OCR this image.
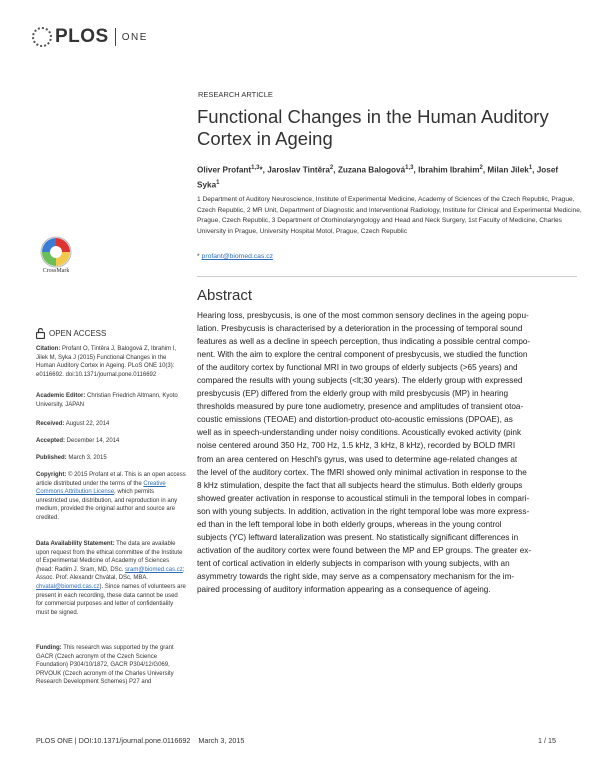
PLOS ONE
RESEARCH ARTICLE
Functional Changes in the Human Auditory Cortex in Ageing
Oliver Profant$^{1,3}$*, Jaroslav Tintěra$^2$, Zuzana Balogová$^{1,3}$, Ibrahim Ibrahim$^2$, Milan Jilek$^1$, Josef Syka$^1$
1 Department of Auditory Neuroscience, Institute of Experimental Medicine, Academy of Sciences of the Czech Republic, Prague, Czech Republic, 2 MR Unit, Department of Diagnostic and Interventional Radiology, Institute for Clinical and Experimental Medicine, Prague, Czech Republic, 3 Department of Otorhinolaryngology and Head and Neck Surgery, 1st Faculty of Medicine, Charles University in Prague, University Hospital Motol, Prague, Czech Republic
* profant@biomed.cas.cz
Abstract
Hearing loss, presbycusis, is one of the most common sensory declines in the ageing popu-
lation. Presbycusis is characterised by a deterioration in the processing of temporal sound
features as well as a decline in speech perception, thus indicating a possible central compo-
nent. With the aim to explore the central component of presbycusis, we studied the function
of the auditory cortex by functional MRI in two groups of elderly subjects (>65 years) and
compared the results with young subjects (<lt;30 years). The elderly group with expressed
presbycusis (EP) differed from the elderly group with mild presbycusis (MP) in hearing
thresholds measured by pure tone audiometry, presence and amplitudes of transient otoa-
coustic emissions (TEOAE) and distortion-product oto-acoustic emissions (DPOAE), as
well as in speech-understanding under noisy conditions. Acoustically evoked activity (pink
noise centered around 350 Hz, 700 Hz, 1.5 kHz, 3 kHz, 8 kHz), recorded by BOLD fMRI
from an area centered on Heschl's gyrus, was used to determine age-related changes at
the level of the auditory cortex. The fMRI showed only minimal activation in response to the
8 kHz stimulation, despite the fact that all subjects heard the stimulus. Both elderly groups
showed greater activation in response to acoustical stimuli in the temporal lobes in compari-
son with young subjects. In addition, activation in the right temporal lobe was more express-
ed than in the left temporal lobe in both elderly groups, whereas in the young control
subjects (YC) leftward lateralization was present. No statistically significant differences in
activation of the auditory cortex were found between the MP and EP groups. The greater ex-
tent of cortical activation in elderly subjects in comparison with young subjects, with an
asymmetry towards the right side, may serve as a compensatory mechanism for the im-
paired processing of auditory information appearing as a consequence of ageing.
CrossMark
OPEN ACCESS
Citation: Profant O, Tintěra J, Balogová Z, Ibrahim I, Jilek M, Syka J (2015) Functional Changes in the Human Auditory Cortex in Ageing. PLoS ONE 10(3): e0116692. doi:10.1371/journal.pone.0116692
Academic Editor: Christian Friedrich Altmann, Kyoto University, JAPAN
Received: August 22, 2014
Accepted: December 14, 2014
Published: March 3, 2015
Copyright: © 2015 Profant et al. This is an open access article distributed under the terms of the Creative Commons Attribution License, which permits unrestricted use, distribution, and reproduction in any medium, provided the original author and source are credited.
Data Availability Statement: The data are available upon request from the ethical committee of the Institute of Experimental Medicine of Academy of Sciences (head: Radim J. Sram, MD, DSc. sram@biomed.cas.cz; Assoc. Prof. Alexandr Chvátal, DSc, MBA. chvatal@biomed.cas.cz). Since names of volunteers are present in each recording, these data cannot be used for commercial purposes and letter of confidentiality must be signed.
Funding: This research was supported by the grant GACR (Czech acronym of the Czech Science Foundation) P304/10/1872, GACR P304/12/G069, PRVOUK (Czech acronym of the Charles University Research Development Schemes) P27 and
PLOS ONE | DOI:10.1371/journal.pone.0116692 March 3, 2015	1 / 15
